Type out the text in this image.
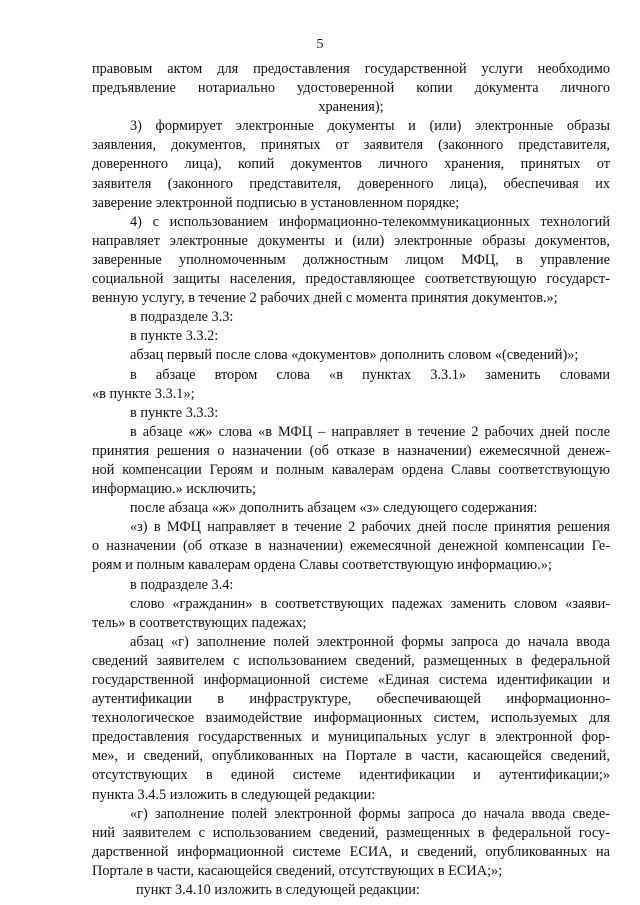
5
правовым актом для предоставления государственной услуги необходимо
предъявление нотариально удостоверенной копии документа личного
хранения);
3) формирует электронные документы и (или) электронные образы
заявления, документов, принятых от заявителя (законного представителя,
доверенного лица), копий документов личного хранения, принятых от
заявителя (законного представителя, доверенного лица), обеспечивая их
заверение электронной подписью в установленном порядке;
4) с использованием информационно-телекоммуникационных технологий
направляет электронные документы и (или) электронные образы документов,
заверенные уполномоченным должностным лицом МФЦ, в управление
социальной защиты населения, предоставляющее соответствующую государст-
венную услугу, в течение 2 рабочих дней с момента принятия документов.»;
в подразделе 3.3:
в пункте 3.3.2:
абзац первый после слова «документов» дополнить словом «(сведений)»;
в абзаце втором слова «в пунктах 3.3.1» заменить словами
«в пункте 3.3.1»;
в пункте 3.3.3:
в абзаце «ж» слова «в МФЦ – направляет в течение 2 рабочих дней после
принятия решения о назначении (об отказе в назначении) ежемесячной денеж-
ной компенсации Героям и полным кавалерам ордена Славы соответствующую
информацию.» исключить;
после абзаца «ж» дополнить абзацем «з» следующего содержания:
«з) в МФЦ направляет в течение 2 рабочих дней после принятия решения
о назначении (об отказе в назначении) ежемесячной денежной компенсации Ге-
роям и полным кавалерам ордена Славы соответствующую информацию.»;
в подразделе 3.4:
слово «гражданин» в соответствующих падежах заменить словом «заяви-
тель» в соответствующих падежах;
абзац «г) заполнение полей электронной формы запроса до начала ввода
сведений заявителем с использованием сведений, размещенных в федеральной
государственной информационной системе «Единая система идентификации и
аутентификации в инфраструктуре, обеспечивающей информационно-
технологическое взаимодействие информационных систем, используемых для
предоставления государственных и муниципальных услуг в электронной фор-
ме», и сведений, опубликованных на Портале в части, касающейся сведений,
отсутствующих в единой системе идентификации и аутентификации;»
пункта 3.4.5 изложить в следующей редакции:
«г) заполнение полей электронной формы запроса до начала ввода сведе-
ний заявителем с использованием сведений, размещенных в федеральной госу-
дарственной информационной системе ЕСИА, и сведений, опубликованных на
Портале в части, касающейся сведений, отсутствующих в ЕСИА;»;
пункт 3.4.10 изложить в следующей редакции:
